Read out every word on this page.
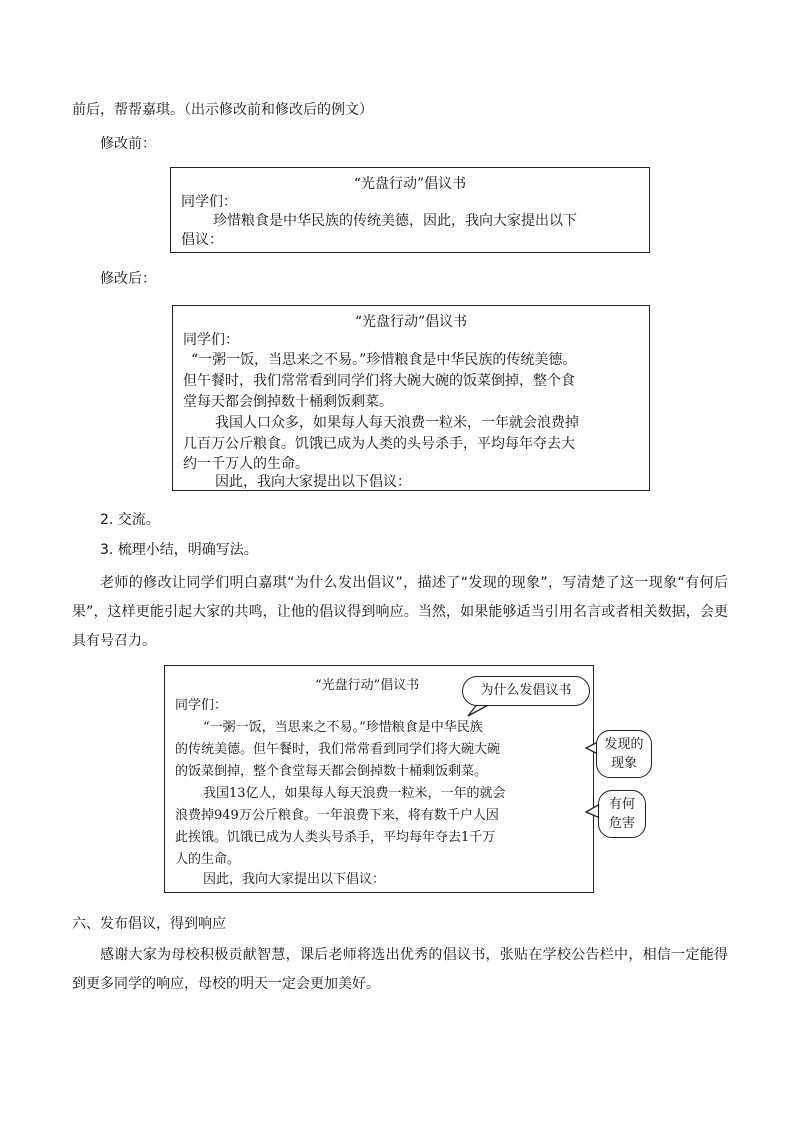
前后，帮帮嘉琪。（出示修改前和修改后的例文）
修改前：
“光盘行动”倡议书
同学们：
珍惜粮食是中华民族的传统美德，因此，我向大家提出以下
倡议：
修改后：
“光盘行动”倡议书
同学们：
“一粥一饭，当思来之不易。”珍惜粮食是中华民族的传统美德。
但午餐时，我们常常看到同学们将大碗大碗的饭菜倒掉，整个食
堂每天都会倒掉数十桶剩饭剩菜。
我国人口众多，如果每人每天浪费一粒米，一年就会浪费掉
几百万公斤粮食。饥饿已成为人类的头号杀手，平均每年夺去大
约一千万人的生命。
因此，我向大家提出以下倡议：
2. 交流。
3. 梳理小结，明确写法。
老师的修改让同学们明白嘉琪“为什么发出倡议”，描述了“发现的现象”，写清楚了这一现象“有何后果”，这样更能引起大家的共鸣，让他的倡议得到响应。当然，如果能够适当引用名言或者相关数据，会更具有号召力。
“光盘行动”倡议书
同学们：
“一粥一饭，当思来之不易。”珍惜粮食是中华民族
的传统美德。但午餐时，我们常常看到同学们将大碗大碗
的饭菜倒掉，整个食堂每天都会倒掉数十桶剩饭剩菜。
我国13亿人，如果每人每天浪费一粒米，一年的就会
浪费掉949万公斤粮食。一年浪费下来，将有数千户人因
此挨饿。饥饿已成为人类头号杀手，平均每年夺去1千万
人的生命。
因此，我向大家提出以下倡议：
为什么发倡议书
发现的
现象
有何
危害
六、发布倡议，得到响应
感谢大家为母校积极贡献智慧，课后老师将选出优秀的倡议书，张贴在学校公告栏中，相信一定能得到更多同学的响应，母校的明天一定会更加美好。
